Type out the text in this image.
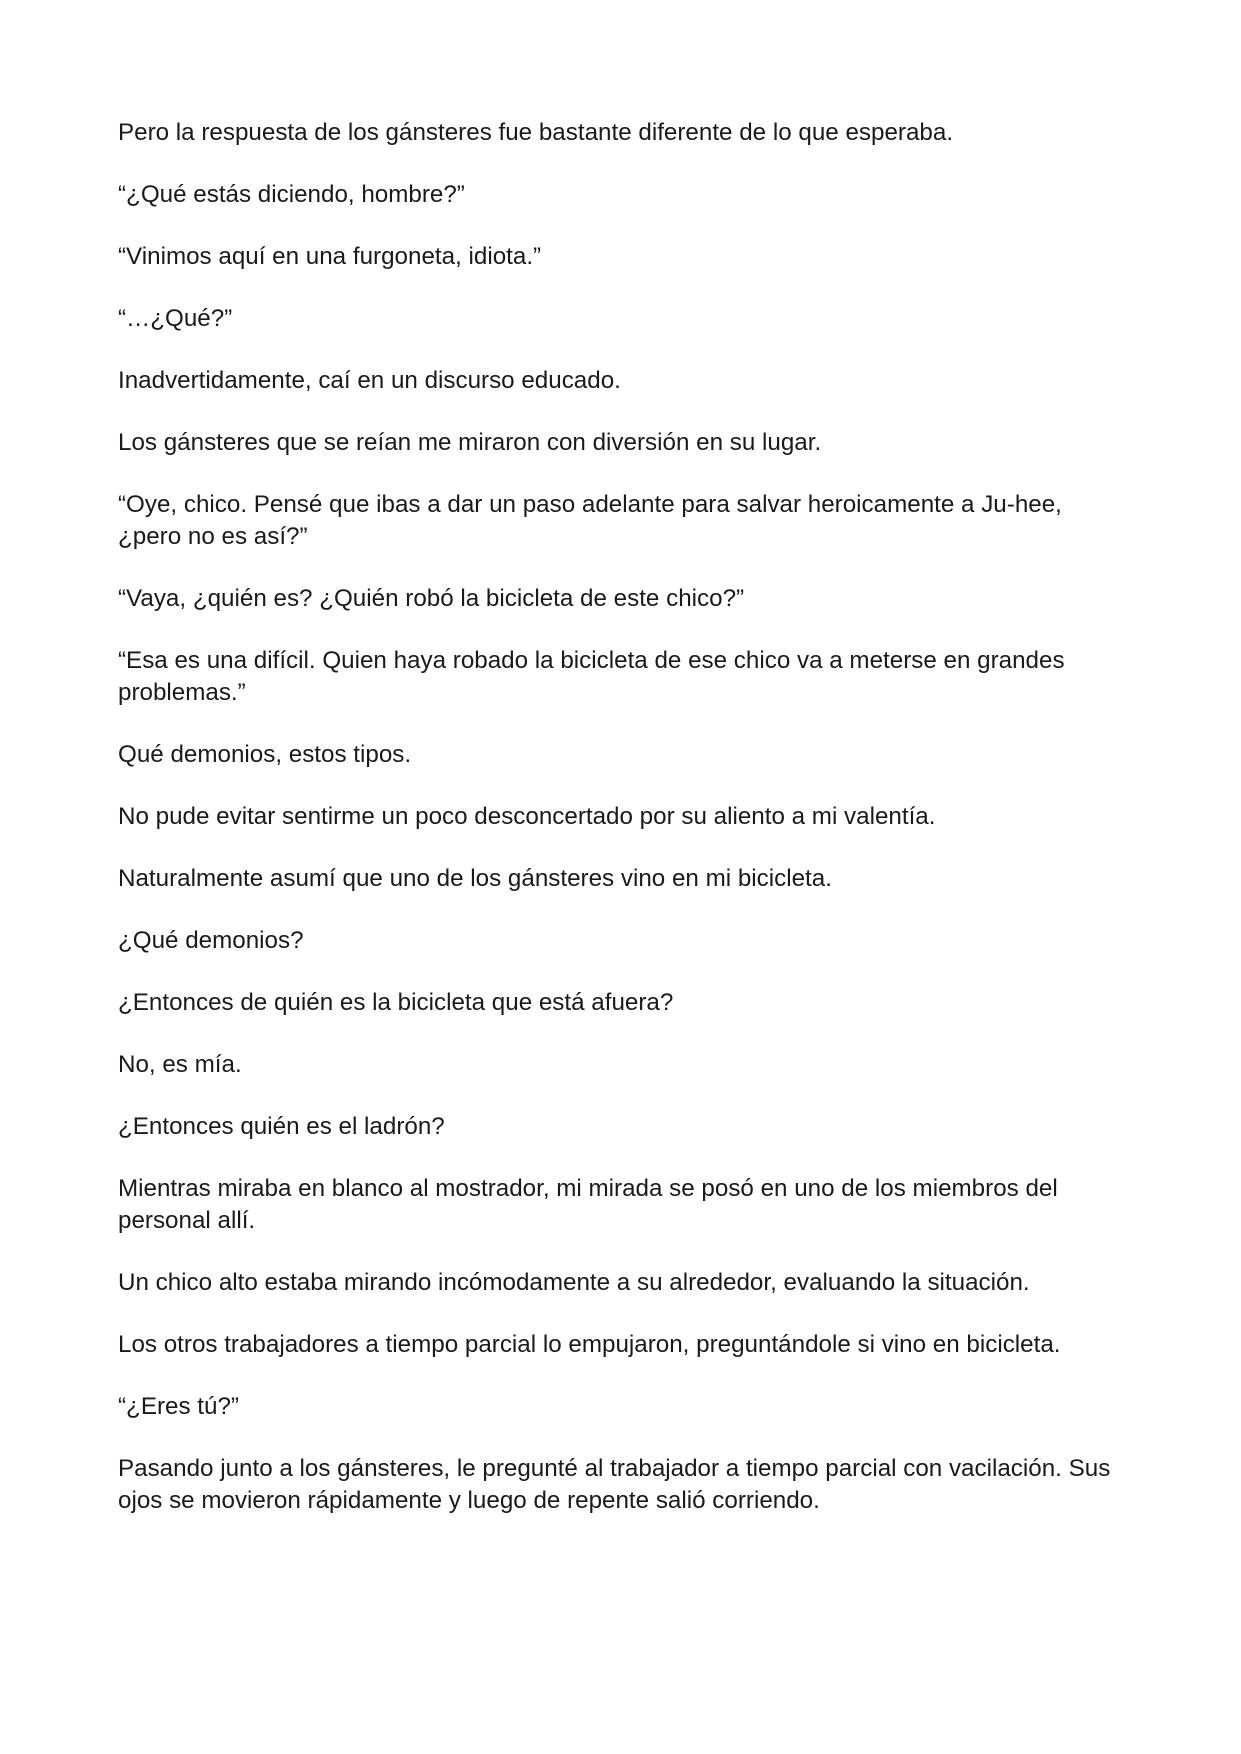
Pero la respuesta de los gánsteres fue bastante diferente de lo que esperaba.

“¿Qué estás diciendo, hombre?”

“Vinimos aquí en una furgoneta, idiota.”

“…¿Qué?”

Inadvertidamente, caí en un discurso educado.

Los gánsteres que se reían me miraron con diversión en su lugar.

“Oye, chico. Pensé que ibas a dar un paso adelante para salvar heroicamente a Ju-hee, ¿pero no es así?”

“Vaya, ¿quién es? ¿Quién robó la bicicleta de este chico?”

“Esa es una difícil. Quien haya robado la bicicleta de ese chico va a meterse en grandes problemas.”

Qué demonios, estos tipos.

No pude evitar sentirme un poco desconcertado por su aliento a mi valentía.

Naturalmente asumí que uno de los gánsteres vino en mi bicicleta.

¿Qué demonios?

¿Entonces de quién es la bicicleta que está afuera?

No, es mía.

¿Entonces quién es el ladrón?

Mientras miraba en blanco al mostrador, mi mirada se posó en uno de los miembros del personal allí.

Un chico alto estaba mirando incómodamente a su alrededor, evaluando la situación.

Los otros trabajadores a tiempo parcial lo empujaron, preguntándole si vino en bicicleta.

“¿Eres tú?”

Pasando junto a los gánsteres, le pregunté al trabajador a tiempo parcial con vacilación. Sus ojos se movieron rápidamente y luego de repente salió corriendo.
